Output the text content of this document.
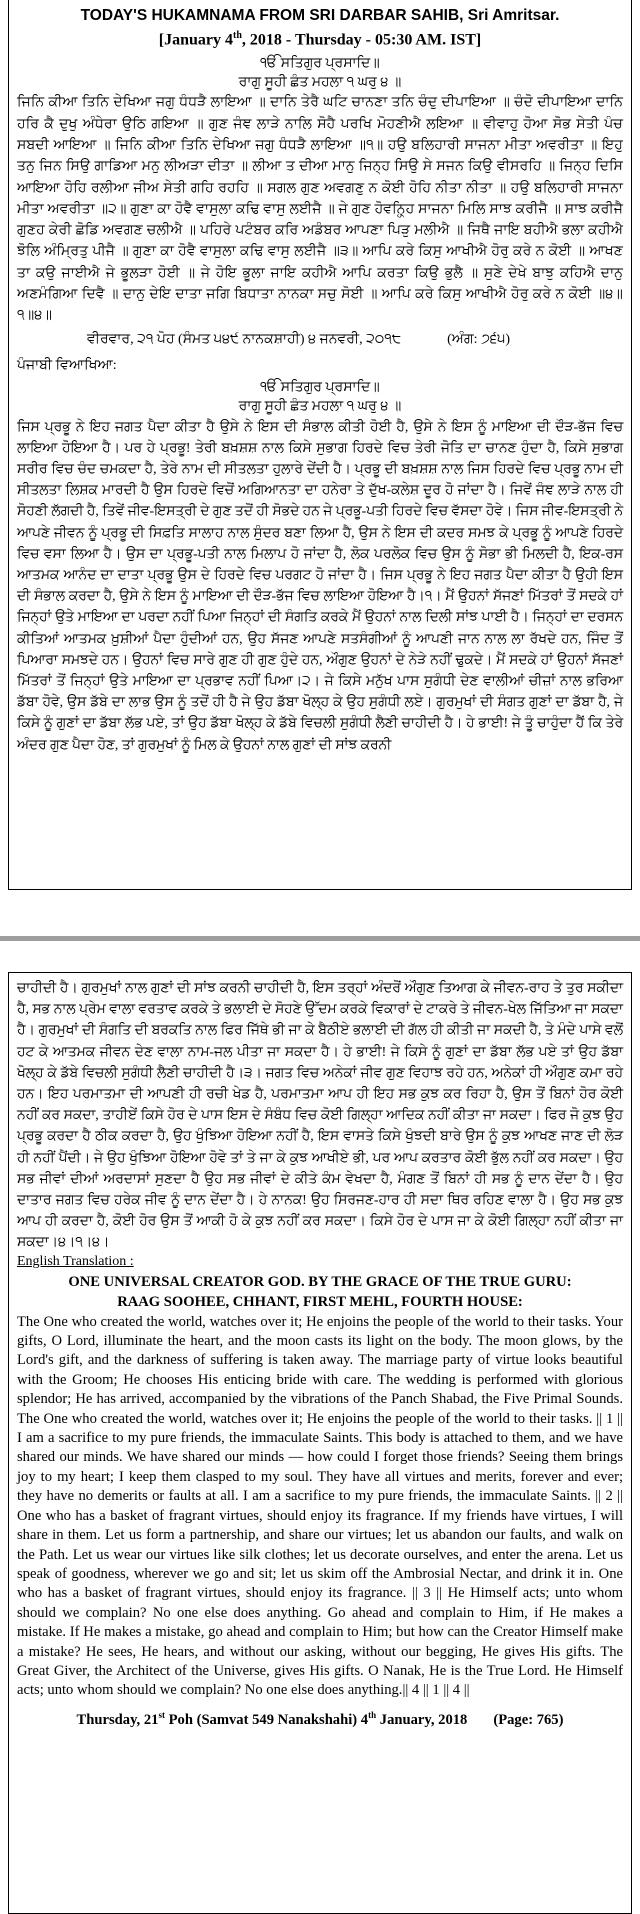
TODAY'S HUKAMNAMA FROM SRI DARBAR SAHIB, Sri Amritsar.
[January 4th, 2018 - Thursday - 05:30 AM. IST]
ੴ ਸਤਿਗੁਰ ਪ੍ਰਸਾਦਿ॥
ਰਾਗੁ ਸੂਹੀ ਛੰਤ ਮਹਲਾ ੧ ਘਰੁ ੪ ॥

ਜਿਨਿ ਕੀਆ ਤਿਨਿ ਦੇਖਿਆ ਜਗੁ ਧੰਧੜੈ ਲਾਇਆ ॥ ਦਾਨਿ ਤੇਰੈ ਘਟਿ ਚਾਨਣਾ ਤਨਿ ਚੰਦੁ ਦੀਪਾਇਆ ॥ ਚੰਦੋ ਦੀਪਾਇਆ ਦਾਨਿ ਹਰਿ ਕੈ ਦੁਖੁ ਅੰਧੇਰਾ ਉਠਿ ਗਇਆ ॥ ਗੁਣ ਜੰਞ ਲਾੜੇ ਨਾਲਿ ਸੋਹੈ ਪਰਖਿ ਮੋਹਣੀਐ ਲਇਆ ॥ ਵੀਵਾਹੁ ਹੋਆ ਸੋਭ ਸੇਤੀ ਪੰਚ ਸਬਦੀ ਆਇਆ ॥ ਜਿਨਿ ਕੀਆ ਤਿਨਿ ਦੇਖਿਆ ਜਗੁ ਧੰਧੜੈ ਲਾਇਆ ॥੧॥ ਹਉ ਬਲਿਹਾਰੀ ਸਾਜਨਾ ਮੀਤਾ ਅਵਰੀਤਾ ॥ ਇਹੁ ਤਨੁ ਜਿਨ ਸਿਉ ਗਾਡਿਆ ਮਨੁ ਲੀਅੜਾ ਦੀਤਾ ॥ ਲੀਆ ਤ ਦੀਆ ਮਾਨੁ ਜਿਨ੍ਹ ਸਿਉ ਸੇ ਸਜਨ ਕਿਉ ਵੀਸਰਹਿ ॥ ਜਿਨ੍ਹ ਦਿਸਿ ਆਇਆ ਹੋਹਿ ਰਲੀਆ ਜੀਅ ਸੇਤੀ ਗਹਿ ਰਹਹਿ ॥ ਸਗਲ ਗੁਣ ਅਵਗਣੁ ਨ ਕੋਈ ਹੋਹਿ ਨੀਤਾ ਨੀਤਾ ॥ ਹਉ ਬਲਿਹਾਰੀ ਸਾਜਨਾ ਮੀਤਾ ਅਵਰੀਤਾ ॥੨॥ ਗੁਣਾ ਕਾ ਹੋਵੈ ਵਾਸੁਲਾ ਕਢਿ ਵਾਸੁ ਲਈਜੈ ॥ ਜੇ ਗੁਣ ਹੋਵਨ੍ਹ੍ਹਿ ਸਾਜਨਾ ਮਿਲਿ ਸਾਝ ਕਰੀਜੈ ॥ ਸਾਝ ਕਰੀਜੈ ਗੁਣਹ ਕੇਰੀ ਛੋਡਿ ਅਵਗਣ ਚਲੀਐ ॥ ਪਹਿਰੇ ਪਟੰਬਰ ਕਰਿ ਅਡੰਬਰ ਆਪਣਾ ਪਿੜੁ ਮਲੀਐ ॥ ਜਿਥੈ ਜਾਇ ਬਹੀਐ ਭਲਾ ਕਹੀਐ ਝੋਲਿ ਅੰਮ੍ਰਿਤੁ ਪੀਜੈ ॥ ਗੁਣਾ ਕਾ ਹੋਵੈ ਵਾਸੁਲਾ ਕਢਿ ਵਾਸੁ ਲਈਜੈ ॥੩॥ ਆਪਿ ਕਰੇ ਕਿਸੁ ਆਖੀਐ ਹੋਰੁ ਕਰੇ ਨ ਕੋਈ ॥ ਆਖਣ ਤਾ ਕਉ ਜਾਈਐ ਜੇ ਭੂਲੜਾ ਹੋਈ ॥ ਜੇ ਹੋਇ ਭੂਲਾ ਜਾਇ ਕਹੀਐ ਆਪਿ ਕਰਤਾ ਕਿਉ ਭੁਲੈ ॥ ਸੁਣੇ ਦੇਖੇ ਬਾਝੁ ਕਹਿਐ ਦਾਨੁ ਅਣਮੰਗਿਆ ਦਿਵੈ ॥ ਦਾਨੁ ਦੇਇ ਦਾਤਾ ਜਗਿ ਬਿਧਾਤਾ ਨਾਨਕਾ ਸਚੁ ਸੋਈ ॥ ਆਪਿ ਕਰੇ ਕਿਸੁ ਆਖੀਐ ਹੋਰੁ ਕਰੇ ਨ ਕੋਈ ॥੪॥੧॥੪॥

ਵੀਰਵਾਰ, ੨੧ ਪੋਹ (ਸੰਮਤ ੫੪੯ ਨਾਨਕਸ਼ਾਹੀ) ੪ ਜਨਵਰੀ, ੨੦੧੮	(ਅੰਗ: ੭੬੫)
ਪੰਜਾਬੀ ਵਿਆਖਿਆ:
ੴ ਸਤਿਗੁਰ ਪ੍ਰਸਾਦਿ॥
ਰਾਗੁ ਸੂਹੀ ਛੰਤ ਮਹਲਾ ੧ ਘਰੁ ੪ ॥

ਜਿਸ ਪ੍ਰਭੂ ਨੇ ਇਹ ਜਗਤ ਪੈਦਾ ਕੀਤਾ ਹੈ ਉਸੇ ਨੇ ਇਸ ਦੀ ਸੰਭਾਲ ਕੀਤੀ ਹੋਈ ਹੈ, ਉਸੇ ਨੇ ਇਸ ਨੂੰ ਮਾਇਆ ਦੀ ਦੌੜ-ਭੱਜ ਵਿਚ ਲਾਇਆ ਹੋਇਆ ਹੈ। ਪਰ ਹੇ ਪ੍ਰਭੂ! ਤੇਰੀ ਬਖ਼ਸ਼ਸ਼ ਨਾਲ ਕਿਸੇ ਸੁਭਾਗ ਹਿਰਦੇ ਵਿਚ ਤੇਰੀ ਜੋਤਿ ਦਾ ਚਾਨਣ ਹੁੰਦਾ ਹੈ, ਕਿਸੇ ਸੁਭਾਗ ਸਰੀਰ ਵਿਚ ਚੰਦ ਚਮਕਦਾ ਹੈ, ਤੇਰੇ ਨਾਮ ਦੀ ਸੀਤਲਤਾ ਹੁਲਾਰੇ ਦੇਂਦੀ ਹੈ। ਪ੍ਰਭੂ ਦੀ ਬਖ਼ਸ਼ਸ਼ ਨਾਲ ਜਿਸ ਹਿਰਦੇ ਵਿਚ ਪ੍ਰਭੂ ਨਾਮ ਦੀ ਸੀਤਲਤਾ ਲਿਸ਼ਕ ਮਾਰਦੀ ਹੈ ਉਸ ਹਿਰਦੇ ਵਿਚੋਂ ਅਗਿਆਨਤਾ ਦਾ ਹਨੇਰਾ ਤੇ ਦੁੱਖ-ਕਲੇਸ਼ ਦੂਰ ਹੋ ਜਾਂਦਾ ਹੈ। ਜਿਵੇਂ ਜੰਞ ਲਾੜੇ ਨਾਲ ਹੀ ਸੋਹਣੀ ਲੱਗਦੀ ਹੈ, ਤਿਵੇਂ ਜੀਵ-ਇਸਤ੍ਰੀ ਦੇ ਗੁਣ ਤਦੋਂ ਹੀ ਸੋਭਦੇ ਹਨ ਜੇ ਪ੍ਰਭੂ-ਪਤੀ ਹਿਰਦੇ ਵਿਚ ਵੱਸਦਾ ਹੋਵੇ। ਜਿਸ ਜੀਵ-ਇਸਤ੍ਰੀ ਨੇ ਆਪਣੇ ਜੀਵਨ ਨੂੰ ਪ੍ਰਭੂ ਦੀ ਸਿਫ਼ਤਿ ਸਾਲਾਹ ਨਾਲ ਸੁੰਦਰ ਬਣਾ ਲਿਆ ਹੈ, ਉਸ ਨੇ ਇਸ ਦੀ ਕਦਰ ਸਮਝ ਕੇ ਪ੍ਰਭੂ ਨੂੰ ਆਪਣੇ ਹਿਰਦੇ ਵਿਚ ਵਸਾ ਲਿਆ ਹੈ। ਉਸ ਦਾ ਪ੍ਰਭੂ-ਪਤੀ ਨਾਲ ਮਿਲਾਪ ਹੋ ਜਾਂਦਾ ਹੈ, ਲੋਕ ਪਰਲੋਕ ਵਿਚ ਉਸ ਨੂੰ ਸੋਭਾ ਭੀ ਮਿਲਦੀ ਹੈ, ਇਕ-ਰਸ ਆਤਮਕ ਆਨੰਦ ਦਾ ਦਾਤਾ ਪ੍ਰਭੂ ਉਸ ਦੇ ਹਿਰਦੇ ਵਿਚ ਪਰਗਟ ਹੋ ਜਾਂਦਾ ਹੈ। ਜਿਸ ਪ੍ਰਭੂ ਨੇ ਇਹ ਜਗਤ ਪੈਦਾ ਕੀਤਾ ਹੈ ਉਹੀ ਇਸ ਦੀ ਸੰਭਾਲ ਕਰਦਾ ਹੈ, ਉਸੇ ਨੇ ਇਸ ਨੂੰ ਮਾਇਆ ਦੀ ਦੌੜ-ਭੱਜ ਵਿਚ ਲਾਇਆ ਹੋਇਆ ਹੈ।੧। ਮੈਂ ਉਹਨਾਂ ਸੱਜਣਾਂ ਮਿੱਤਰਾਂ ਤੋਂ ਸਦਕੇ ਹਾਂ ਜਿਨ੍ਹਾਂ ਉਤੇ ਮਾਇਆ ਦਾ ਪਰਦਾ ਨਹੀਂ ਪਿਆ ਜਿਨ੍ਹਾਂ ਦੀ ਸੰਗਤਿ ਕਰਕੇ ਮੈਂ ਉਹਨਾਂ ਨਾਲ ਦਿਲੀ ਸਾਂਝ ਪਾਈ ਹੈ। ਜਿਨ੍ਹਾਂ ਦਾ ਦਰਸਨ ਕੀਤਿਆਂ ਆਤਮਕ ਖ਼ੁਸ਼ੀਆਂ ਪੈਦਾ ਹੁੰਦੀਆਂ ਹਨ, ਉਹ ਸੱਜਣ ਆਪਣੇ ਸਤਸੰਗੀਆਂ ਨੂੰ ਆਪਣੀ ਜਾਨ ਨਾਲ ਲਾ ਰੱਖਦੇ ਹਨ, ਜਿੰਦ ਤੋਂ ਪਿਆਰਾ ਸਮਝਦੇ ਹਨ। ਉਹਨਾਂ ਵਿਚ ਸਾਰੇ ਗੁਣ ਹੀ ਗੁਣ ਹੁੰਦੇ ਹਨ, ਔਗੁਣ ਉਹਨਾਂ ਦੇ ਨੇੜੇ ਨਹੀਂ ਢੁਕਦੇ। ਮੈਂ ਸਦਕੇ ਹਾਂ ਉਹਨਾਂ ਸੱਜਣਾਂ ਮਿੱਤਰਾਂ ਤੋਂ ਜਿਨ੍ਹਾਂ ਉਤੇ ਮਾਇਆ ਦਾ ਪ੍ਰਭਾਵ ਨਹੀਂ ਪਿਆ।੨। ਜੇ ਕਿਸੇ ਮਨੁੱਖ ਪਾਸ ਸੁਗੰਧੀ ਦੇਣ ਵਾਲੀਆਂ ਚੀਜ਼ਾਂ ਨਾਲ ਭਰਿਆ ਡੱਬਾ ਹੋਵੇ, ਉਸ ਡੱਬੇ ਦਾ ਲਾਭ ਉਸ ਨੂੰ ਤਦੋਂ ਹੀ ਹੈ ਜੇ ਉਹ ਡੱਬਾ ਖੋਲ੍ਹ ਕੇ ਉਹ ਸੁਗੰਧੀ ਲਏ। ਗੁਰਮੁਖਾਂ ਦੀ ਸੰਗਤ ਗੁਣਾਂ ਦਾ ਡੱਬਾ ਹੈ, ਜੇ ਕਿਸੇ ਨੂੰ ਗੁਣਾਂ ਦਾ ਡੱਬਾ ਲੱਭ ਪਏ, ਤਾਂ ਉਹ ਡੱਬਾ ਖੋਲ੍ਹ ਕੇ ਡੱਬੇ ਵਿਚਲੀ ਸੁਗੰਧੀ ਲੈਣੀ ਚਾਹੀਦੀ ਹੈ। ਹੇ ਭਾਈ! ਜੇ ਤੂੰ ਚਾਹੁੰਦਾ ਹੈਂ ਕਿ ਤੇਰੇ ਅੰਦਰ ਗੁਣ ਪੈਦਾ ਹੋਣ, ਤਾਂ ਗੁਰਮੁਖਾਂ ਨੂੰ ਮਿਲ ਕੇ ਉਹਨਾਂ ਨਾਲ ਗੁਣਾਂ ਦੀ ਸਾਂਝ ਕਰਨੀ

ਚਾਹੀਦੀ ਹੈ। ਗੁਰਮੁਖਾਂ ਨਾਲ ਗੁਣਾਂ ਦੀ ਸਾਂਝ ਕਰਨੀ ਚਾਹੀਦੀ ਹੈ, ਇਸ ਤਰ੍ਹਾਂ ਅੰਦਰੋਂ ਔਗੁਣ ਤਿਆਗ ਕੇ ਜੀਵਨ-ਰਾਹ ਤੇ ਤੁਰ ਸਕੀਦਾ ਹੈ, ਸਭ ਨਾਲ ਪ੍ਰੇਮ ਵਾਲਾ ਵਰਤਾਵ ਕਰਕੇ ਤੇ ਭਲਾਈ ਦੇ ਸੋਹਣੇ ਉੱਦਮ ਕਰਕੇ ਵਿਕਾਰਾਂ ਦੇ ਟਾਕਰੇ ਤੇ ਜੀਵਨ-ਖੇਲ ਜਿੱਤਿਆ ਜਾ ਸਕਦਾ ਹੈ। ਗੁਰਮੁਖਾਂ ਦੀ ਸੰਗਤਿ ਦੀ ਬਰਕਤਿ ਨਾਲ ਫਿਰ ਜਿੱਥੇ ਭੀ ਜਾ ਕੇ ਬੈਠੀਏ ਭਲਾਈ ਦੀ ਗੱਲ ਹੀ ਕੀਤੀ ਜਾ ਸਕਦੀ ਹੈ, ਤੇ ਮੰਦੇ ਪਾਸੇ ਵਲੋਂ ਹਟ ਕੇ ਆਤਮਕ ਜੀਵਨ ਦੇਣ ਵਾਲਾ ਨਾਮ-ਜਲ ਪੀਤਾ ਜਾ ਸਕਦਾ ਹੈ। ਹੇ ਭਾਈ! ਜੇ ਕਿਸੇ ਨੂੰ ਗੁਣਾਂ ਦਾ ਡੱਬਾ ਲੱਭ ਪਏ ਤਾਂ ਉਹ ਡੱਬਾ ਖੋਲ੍ਹ ਕੇ ਡੱਬੇ ਵਿਚਲੀ ਸੁਗੰਧੀ ਲੈਣੀ ਚਾਹੀਦੀ ਹੈ।੩। ਜਗਤ ਵਿਚ ਅਨੇਕਾਂ ਜੀਵ ਗੁਣ ਵਿਹਾਝ ਰਹੇ ਹਨ, ਅਨੇਕਾਂ ਹੀ ਔਗੁਣ ਕਮਾ ਰਹੇ ਹਨ। ਇਹ ਪਰਮਾਤਮਾ ਦੀ ਆਪਣੀ ਹੀ ਰਚੀ ਖੇਡ ਹੈ, ਪਰਮਾਤਮਾ ਆਪ ਹੀ ਇਹ ਸਭ ਕੁਝ ਕਰ ਰਿਹਾ ਹੈ, ਉਸ ਤੋਂ ਬਿਨਾਂ ਹੋਰ ਕੋਈ ਨਹੀਂ ਕਰ ਸਕਦਾ, ਤਾਹੀਏਂ ਕਿਸੇ ਹੋਰ ਦੇ ਪਾਸ ਇਸ ਦੇ ਸੰਬੰਧ ਵਿਚ ਕੋਈ ਗਿਲ੍ਹਾ ਆਦਿਕ ਨਹੀਂ ਕੀਤਾ ਜਾ ਸਕਦਾ। ਫਿਰ ਜੋ ਕੁਝ ਉਹ ਪ੍ਰਭੂ ਕਰਦਾ ਹੈ ਠੀਕ ਕਰਦਾ ਹੈ, ਉਹ ਖੁੰਝਿਆ ਹੋਇਆ ਨਹੀਂ ਹੈ, ਇਸ ਵਾਸਤੇ ਕਿਸੇ ਖੁੰਝਦੀ ਬਾਰੇ ਉਸ ਨੂੰ ਕੁਝ ਆਖਣ ਜਾਣ ਦੀ ਲੋੜ ਹੀ ਨਹੀਂ ਪੈਂਦੀ। ਜੇ ਉਹ ਖੁੰਝਿਆ ਹੋਇਆ ਹੋਵੇ ਤਾਂ ਤੇ ਜਾ ਕੇ ਕੁਝ ਆਖੀਏ ਭੀ, ਪਰ ਆਪ ਕਰਤਾਰ ਕੋਈ ਭੁੱਲ ਨਹੀਂ ਕਰ ਸਕਦਾ। ਉਹ ਸਭ ਜੀਵਾਂ ਦੀਆਂ ਅਰਦਾਸਾਂ ਸੁਣਦਾ ਹੈ ਉਹ ਸਭ ਜੀਵਾਂ ਦੇ ਕੀਤੇ ਕੰਮ ਵੇਖਦਾ ਹੈ, ਮੰਗਣ ਤੋਂ ਬਿਨਾਂ ਹੀ ਸਭ ਨੂੰ ਦਾਨ ਦੇਂਦਾ ਹੈ। ਉਹ ਦਾਤਾਰ ਜਗਤ ਵਿਚ ਹਰੇਕ ਜੀਵ ਨੂੰ ਦਾਨ ਦੇਂਦਾ ਹੈ। ਹੇ ਨਾਨਕ! ਉਹ ਸਿਰਜਣ-ਹਾਰ ਹੀ ਸਦਾ ਥਿਰ ਰਹਿਣ ਵਾਲਾ ਹੈ। ਉਹ ਸਭ ਕੁਝ ਆਪ ਹੀ ਕਰਦਾ ਹੈ, ਕੋਈ ਹੋਰ ਉਸ ਤੋਂ ਆਕੀ ਹੋ ਕੇ ਕੁਝ ਨਹੀਂ ਕਰ ਸਕਦਾ। ਕਿਸੇ ਹੋਰ ਦੇ ਪਾਸ ਜਾ ਕੇ ਕੋਈ ਗਿਲ੍ਹਾ ਨਹੀਂ ਕੀਤਾ ਜਾ ਸਕਦਾ।੪।੧।੪।

English Translation :

ONE UNIVERSAL CREATOR GOD. BY THE GRACE OF THE TRUE GURU:

RAAG SOOHEE, CHHANT, FIRST MEHL, FOURTH HOUSE:

The One who created the world, watches over it; He enjoins the people of the world to their tasks. Your gifts, O Lord, illuminate the heart, and the moon casts its light on the body. The moon glows, by the Lord's gift, and the darkness of suffering is taken away. The marriage party of virtue looks beautiful with the Groom; He chooses His enticing bride with care. The wedding is performed with glorious splendor; He has arrived, accompanied by the vibrations of the Panch Shabad, the Five Primal Sounds. The One who created the world, watches over it; He enjoins the people of the world to their tasks. || 1 || I am a sacrifice to my pure friends, the immaculate Saints. This body is attached to them, and we have shared our minds. We have shared our minds — how could I forget those friends? Seeing them brings joy to my heart; I keep them clasped to my soul. They have all virtues and merits, forever and ever; they have no demerits or faults at all. I am a sacrifice to my pure friends, the immaculate Saints. || 2 || One who has a basket of fragrant virtues, should enjoy its fragrance. If my friends have virtues, I will share in them. Let us form a partnership, and share our virtues; let us abandon our faults, and walk on the Path. Let us wear our virtues like silk clothes; let us decorate ourselves, and enter the arena. Let us speak of goodness, wherever we go and sit; let us skim off the Ambrosial Nectar, and drink it in. One who has a basket of fragrant virtues, should enjoy its fragrance. || 3 || He Himself acts; unto whom should we complain? No one else does anything. Go ahead and complain to Him, if He makes a mistake. If He makes a mistake, go ahead and complain to Him; but how can the Creator Himself make a mistake? He sees, He hears, and without our asking, without our begging, He gives His gifts. The Great Giver, the Architect of the Universe, gives His gifts. O Nanak, He is the True Lord. He Himself acts; unto whom should we complain? No one else does anything.|| 4 || 1 || 4 ||

Thursday, 21st Poh (Samvat 549 Nanakshahi) 4th January, 2018 (Page: 765)
